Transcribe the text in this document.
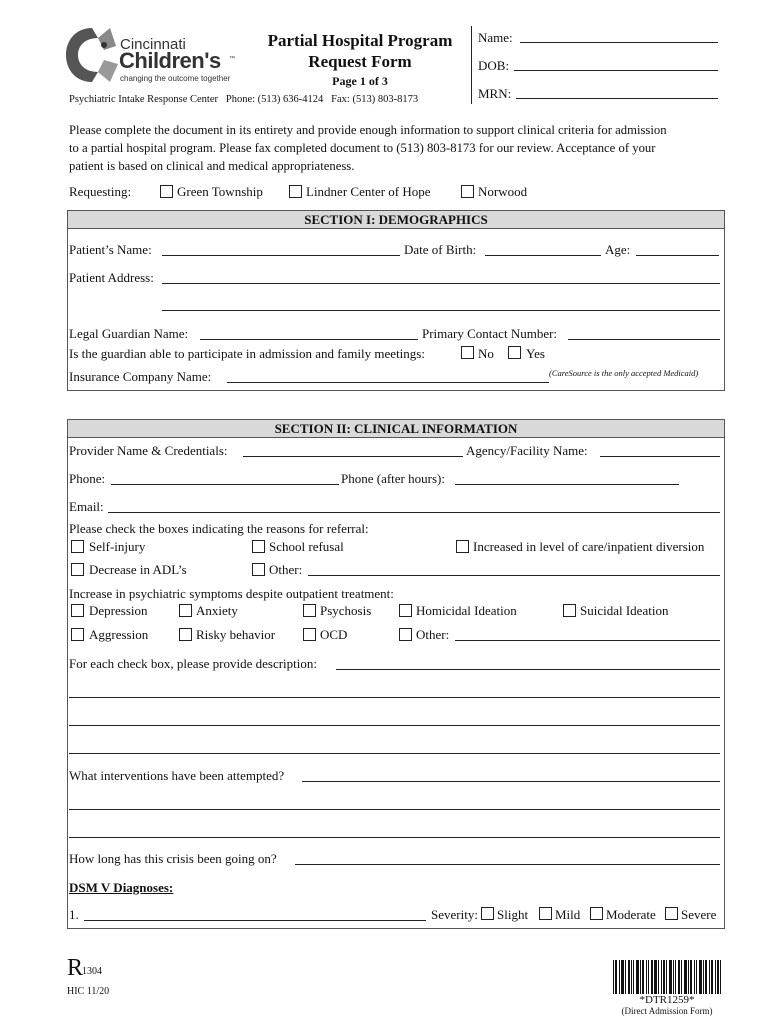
Cincinnati
Children's ™
changing the outcome together
Partial Hospital Program
Request Form
Page 1 of 3
Psychiatric Intake Response Center   Phone: (513) 636-4124   Fax: (513) 803-8173
Name:
DOB:
MRN:
Please complete the document in its entirety and provide enough information to support clinical criteria for admission
to a partial hospital program. Please fax completed document to (513) 803-8173 for our review. Acceptance of your
patient is based on clinical and medical appropriateness.
Requesting:	Green Township	Lindner Center of Hope	Norwood
SECTION I: DEMOGRAPHICS
Patient’s Name:	Date of Birth:	Age:
Patient Address:
Legal Guardian Name:	Primary Contact Number:
Is the guardian able to participate in admission and family meetings:	No Yes
Insurance Company Name:	(CareSource is the only accepted Medicaid)
SECTION II: CLINICAL INFORMATION
Provider Name & Credentials:	Agency/Facility Name:
Phone:	Phone (after hours):
Email:
Please check the boxes indicating the reasons for referral:
Self-injury	School refusal	Increased in level of care/inpatient diversion
Decrease in ADL’s	Other:
Increase in psychiatric symptoms despite outpatient treatment:
Depression	Anxiety	Psychosis	Homicidal Ideation	Suicidal Ideation
Aggression	Risky behavior	OCD	Other:
For each check box, please provide description:
What interventions have been attempted?
How long has this crisis been going on?
DSM V Diagnoses:
1.	Severity: Slight Mild Moderate Severe
R
1304
HIC 11/20
*DTR1259*
(Direct Admission Form)
